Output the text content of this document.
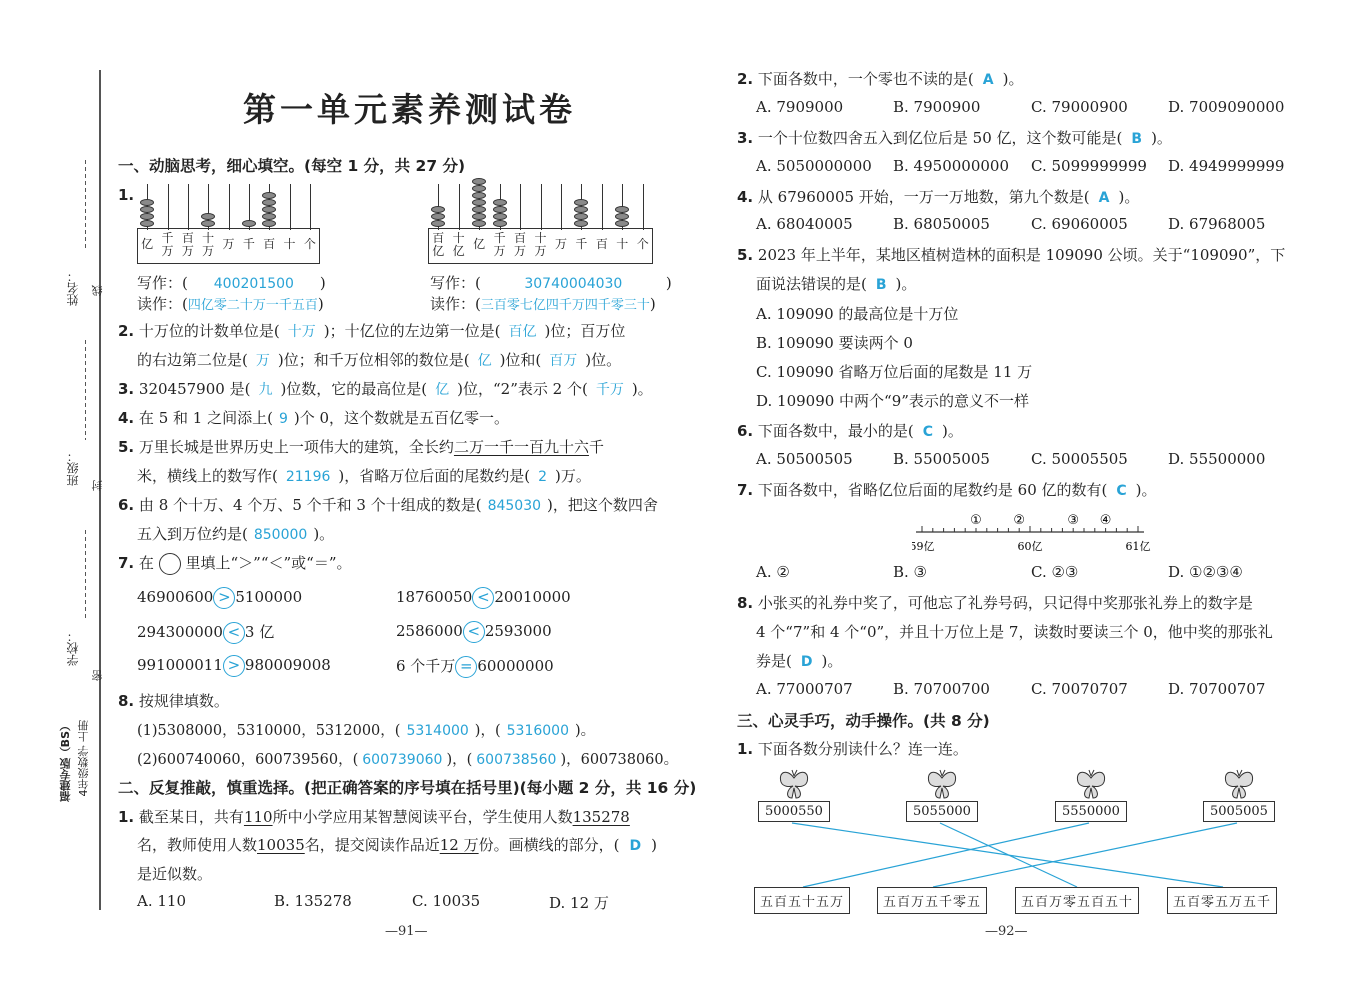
姓名： 线
班级： 封
学校：
密
福建专版（BS） 4年级数学 上册
第一单元素养测试卷
一、动脑思考，细心填空。(每空 1 分，共 27 分)
1.
亿 千
万
百
万
十
万 万 千 百 十 个	百
亿
十
亿 亿 千
万
百
万
十
万 万 千 百 十 个
写作：( 400201500 )
读作：(四亿零二十万一千五百)
写作：(	30740004030	)
读作：(三百零七亿四千万四千零三十)
2. 十万位的计数单位是( 十万 )；十亿位的左边第一位是( 百亿 )位；百万位
的右边第二位是( 万 )位；和千万位相邻的数位是( 亿 )位和( 百万 )位。
3. 320457900 是( 九 )位数，它的最高位是( 亿 )位，“2”表示 2 个( 千万 )。
4. 在 5 和 1 之间添上( 9 )个 0，这个数就是五百亿零一。
5. 万里长城是世界历史上一项伟大的建筑，全长约二万一千一百九十六千
米，横线上的数写作( 21196 )，省略万位后面的尾数约是( 2 )万。
6. 由 8 个十万、4 个万、5 个千和 3 个十组成的数是( 845030 )，把这个数四舍
五入到万位约是( 850000 )。
7. 在 里填上“＞”“＜”或“＝”。
46900600 > 5100000	18760050 < 20010000
294300000 < 3 亿	2586000 < 2593000
991000011 > 980009008	6 个千万 = 60000000
8. 按规律填数。
(1)5308000，5310000，5312000，( 5314000 )，( 5316000 )。
(2)600740060，600739560，( 600739060 )，( 600738560 )，600738060。
二、反复推敲，慎重选择。(把正确答案的序号填在括号里)(每小题 2 分，共 16 分)
1. 截至某日，共有110所中小学应用某智慧阅读平台，学生使用人数135278
名，教师使用人数10035名，提交阅读作品近12 万份。画横线的部分，( D )
是近似数。
A. 110	B. 135278	C. 10035	D. 12 万
—91—
2. 下面各数中，一个零也不读的是( A )。
A. 7909000	B. 7900900	C. 79000900	D. 7009090000
3. 一个十位数四舍五入到亿位后是 50 亿，这个数可能是( B )。
A. 5050000000 B. 4950000000 C. 5099999999 D. 4949999999
4. 从 67960005 开始，一万一万地数，第九个数是( A )。
A. 68040005	B. 68050005	C. 69060005	D. 67968005
5. 2023 年上半年，某地区植树造林的面积是 109090 公顷。关于“109090”，下
面说法错误的是( B )。
A. 109090 的最高位是十万位
B. 109090 要读两个 0
C. 109090 省略万位后面的尾数是 11 万
D. 109090 中两个“9”表示的意义不一样
6. 下面各数中，最小的是( C )。
A. 50500505	B. 55005005	C. 50005505	D. 55500000
7. 下面各数中，省略亿位后面的尾数约是 60 亿的数有( C )。
A. ②	B. ③	C. ②③	D. ①②③④
8. 小张买的礼券中奖了，可他忘了礼券号码，只记得中奖那张礼券上的数字是
4 个“7”和 4 个“0”，并且十万位上是 7，读数时要读三个 0，他中奖的那张礼
券是( D )。
A. 77000707	B. 70700700	C. 70070707	D. 70700707
59亿	60亿	61亿
① ②	③ ④
三、心灵手巧，动手操作。(共 8 分)
1. 下面各数分别读什么？连一连。
5000550	5055000	5550000	5005005
五百五十五万	五百万五千零五	五百万零五百五十	五百零五万五千
—92—
